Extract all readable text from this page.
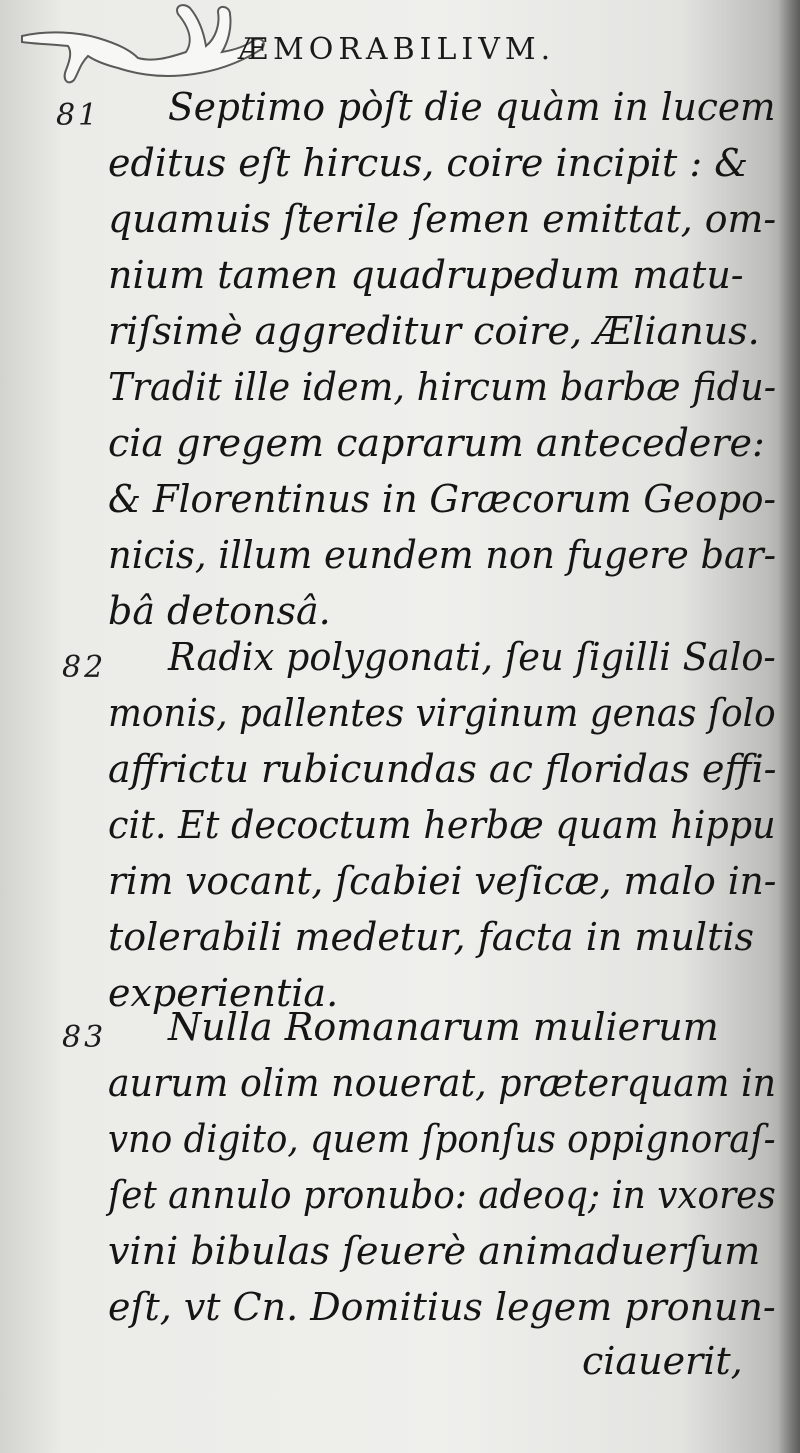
ÆMORABILIVM.

81 Septimo pòſt die quàm in lucem

editus eſt hircus, coire incipit : &

quamuis ſterile ſemen emittat, om-

nium tamen quadrupedum matu-

riſsimè aggreditur coire, Ælianus.

Tradit ille idem, hircum barbæ fidu-

cia gregem caprarum antecedere:

& Florentinus in Græcorum Geopo-

nicis, illum eundem non fugere bar-

bâ detonsâ.

82 Radix polygonati, ſeu ſigilli Salo-

monis, pallentes virginum genas ſolo

affrictu rubicundas ac floridas effi-

cit. Et decoctum herbæ quam hippu

rim vocant, ſcabiei veſicæ, malo in-

tolerabili medetur, facta in multis

experientia.

83 Nulla Romanarum mulierum

aurum olim nouerat, præterquam in

vno digito, quem ſponſus oppignoraſ-

ſet annulo pronubo: adeoq; in vxores

vini bibulas ſeuerè animaduerſum

eſt, vt Cn. Domitius legem pronun-

ciauerit,
